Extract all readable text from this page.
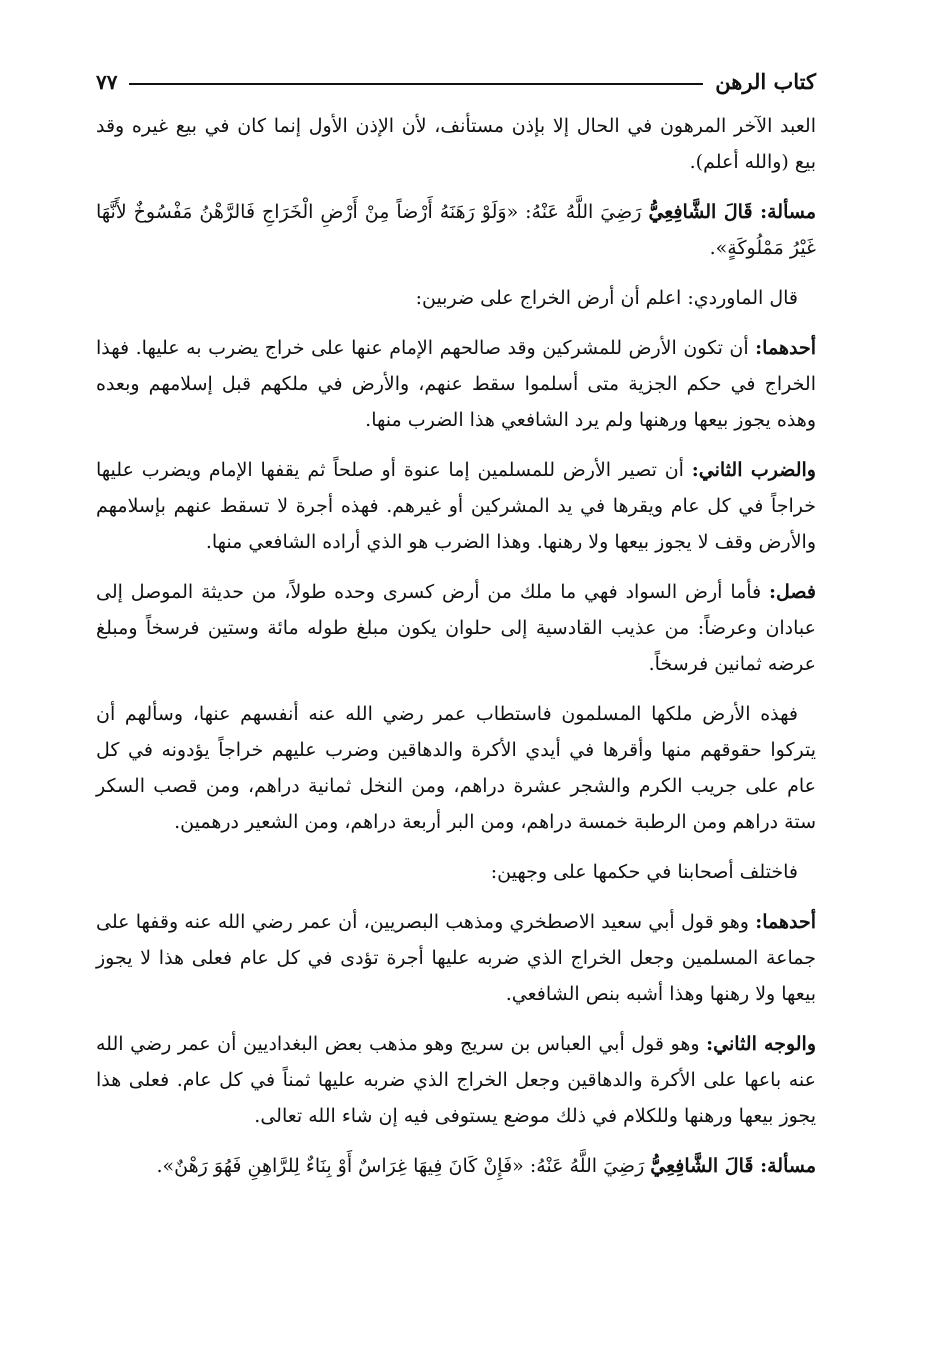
كتاب الرهن
٧٧

العبد الآخر المرهون في الحال إلا بإذن مستأنف، لأن الإذن الأول إنما كان في بيع غيره وقد بيع (والله أعلم).

مسألة: قَالَ الشَّافِعِيُّ رَضِيَ اللَّهُ عَنْهُ: «وَلَوْ رَهَنَهُ أَرْضاً مِنْ أَرْضِ الْخَرَاجِ فَالرَّهْنُ مَفْسُوخٌ لأَنَّهَا غَيْرُ مَمْلُوكَةٍ».

قال الماوردي: اعلم أن أرض الخراج على ضربين:

أحدهما: أن تكون الأرض للمشركين وقد صالحهم الإمام عنها على خراج يضرب به عليها. فهذا الخراج في حكم الجزية متى أسلموا سقط عنهم، والأرض في ملكهم قبل إسلامهم وبعده وهذه يجوز بيعها ورهنها ولم يرد الشافعي هذا الضرب منها.

والضرب الثاني: أن تصير الأرض للمسلمين إما عنوة أو صلحاً ثم يقفها الإمام ويضرب عليها خراجاً في كل عام ويقرها في يد المشركين أو غيرهم. فهذه أجرة لا تسقط عنهم بإسلامهم والأرض وقف لا يجوز بيعها ولا رهنها. وهذا الضرب هو الذي أراده الشافعي منها.

فصل: فأما أرض السواد فهي ما ملك من أرض كسرى وحده طولاً، من حديثة الموصل إلى عبادان وعرضاً: من عذيب القادسية إلى حلوان يكون مبلغ طوله مائة وستين فرسخاً ومبلغ عرضه ثمانين فرسخاً.

فهذه الأرض ملكها المسلمون فاستطاب عمر رضي الله عنه أنفسهم عنها، وسألهم أن يتركوا حقوقهم منها وأقرها في أيدي الأكرة والدهاقين وضرب عليهم خراجاً يؤدونه في كل عام على جريب الكرم والشجر عشرة دراهم، ومن النخل ثمانية دراهم، ومن قصب السكر ستة دراهم ومن الرطبة خمسة دراهم، ومن البر أربعة دراهم، ومن الشعير درهمين.

فاختلف أصحابنا في حكمها على وجهين:

أحدهما: وهو قول أبي سعيد الاصطخري ومذهب البصريين، أن عمر رضي الله عنه وقفها على جماعة المسلمين وجعل الخراج الذي ضربه عليها أجرة تؤدى في كل عام فعلى هذا لا يجوز بيعها ولا رهنها وهذا أشبه بنص الشافعي.

والوجه الثاني: وهو قول أبي العباس بن سريج وهو مذهب بعض البغداديين أن عمر رضي الله عنه باعها على الأكرة والدهاقين وجعل الخراج الذي ضربه عليها ثمناً في كل عام. فعلى هذا يجوز بيعها ورهنها وللكلام في ذلك موضع يستوفى فيه إن شاء الله تعالى.

مسألة: قَالَ الشَّافِعِيُّ رَضِيَ اللَّهُ عَنْهُ: «فَإِنْ كَانَ فِيهَا غِرَاسٌ أَوْ بِنَاءٌ لِلرَّاهِنِ فَهُوَ رَهْنٌ».
